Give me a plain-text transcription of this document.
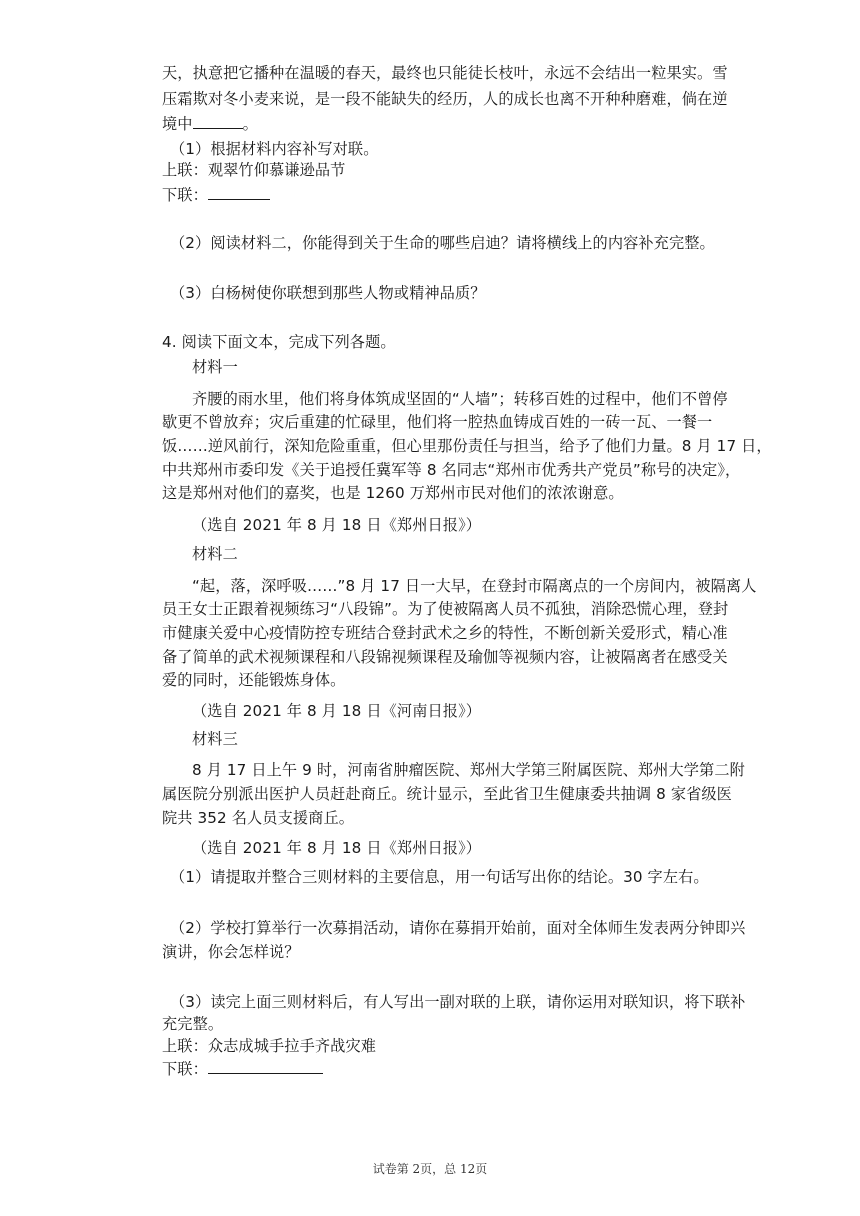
天，执意把它播种在温暖的春天，最终也只能徒长枝叶，永远不会结出一粒果实。雪
压霜欺对冬小麦来说，是一段不能缺失的经历，人的成长也离不开种种磨难，倘在逆
境中	。
（1）根据材料内容补写对联。
上联：观翠竹仰慕谦逊品节
下联：
（2）阅读材料二，你能得到关于生命的哪些启迪？请将横线上的内容补充完整。
（3）白杨树使你联想到那些人物或精神品质？
4. 阅读下面文本，完成下列各题。
材料一
齐腰的雨水里，他们将身体筑成坚固的“人墙”；转移百姓的过程中，他们不曾停
歇更不曾放弃；灾后重建的忙碌里，他们将一腔热血铸成百姓的一砖一瓦、一餐一
饭……逆风前行，深知危险重重，但心里那份责任与担当，给予了他们力量。8 月 17 日，
中共郑州市委印发《关于追授任冀军等 8 名同志“郑州市优秀共产党员”称号的决定》，
这是郑州对他们的嘉奖，也是 1260 万郑州市民对他们的浓浓谢意。
（选自 2021 年 8 月 18 日《郑州日报》）
材料二
“起，落，深呼吸……”8 月 17 日一大早，在登封市隔离点的一个房间内，被隔离人
员王女士正跟着视频练习“八段锦”。为了使被隔离人员不孤独，消除恐慌心理，登封
市健康关爱中心疫情防控专班结合登封武术之乡的特性，不断创新关爱形式，精心准
备了简单的武术视频课程和八段锦视频课程及瑜伽等视频内容，让被隔离者在感受关
爱的同时，还能锻炼身体。
（选自 2021 年 8 月 18 日《河南日报》）
材料三
8 月 17 日上午 9 时，河南省肿瘤医院、郑州大学第三附属医院、郑州大学第二附
属医院分别派出医护人员赶赴商丘。统计显示，至此省卫生健康委共抽调 8 家省级医
院共 352 名人员支援商丘。
（选自 2021 年 8 月 18 日《郑州日报》）
（1）请提取并整合三则材料的主要信息，用一句话写出你的结论。30 字左右。
（2）学校打算举行一次募捐活动，请你在募捐开始前，面对全体师生发表两分钟即兴
演讲，你会怎样说？
（3）读完上面三则材料后，有人写出一副对联的上联，请你运用对联知识，将下联补
充完整。
上联：众志成城手拉手齐战灾难
下联：
试卷第 2页，总 12页
